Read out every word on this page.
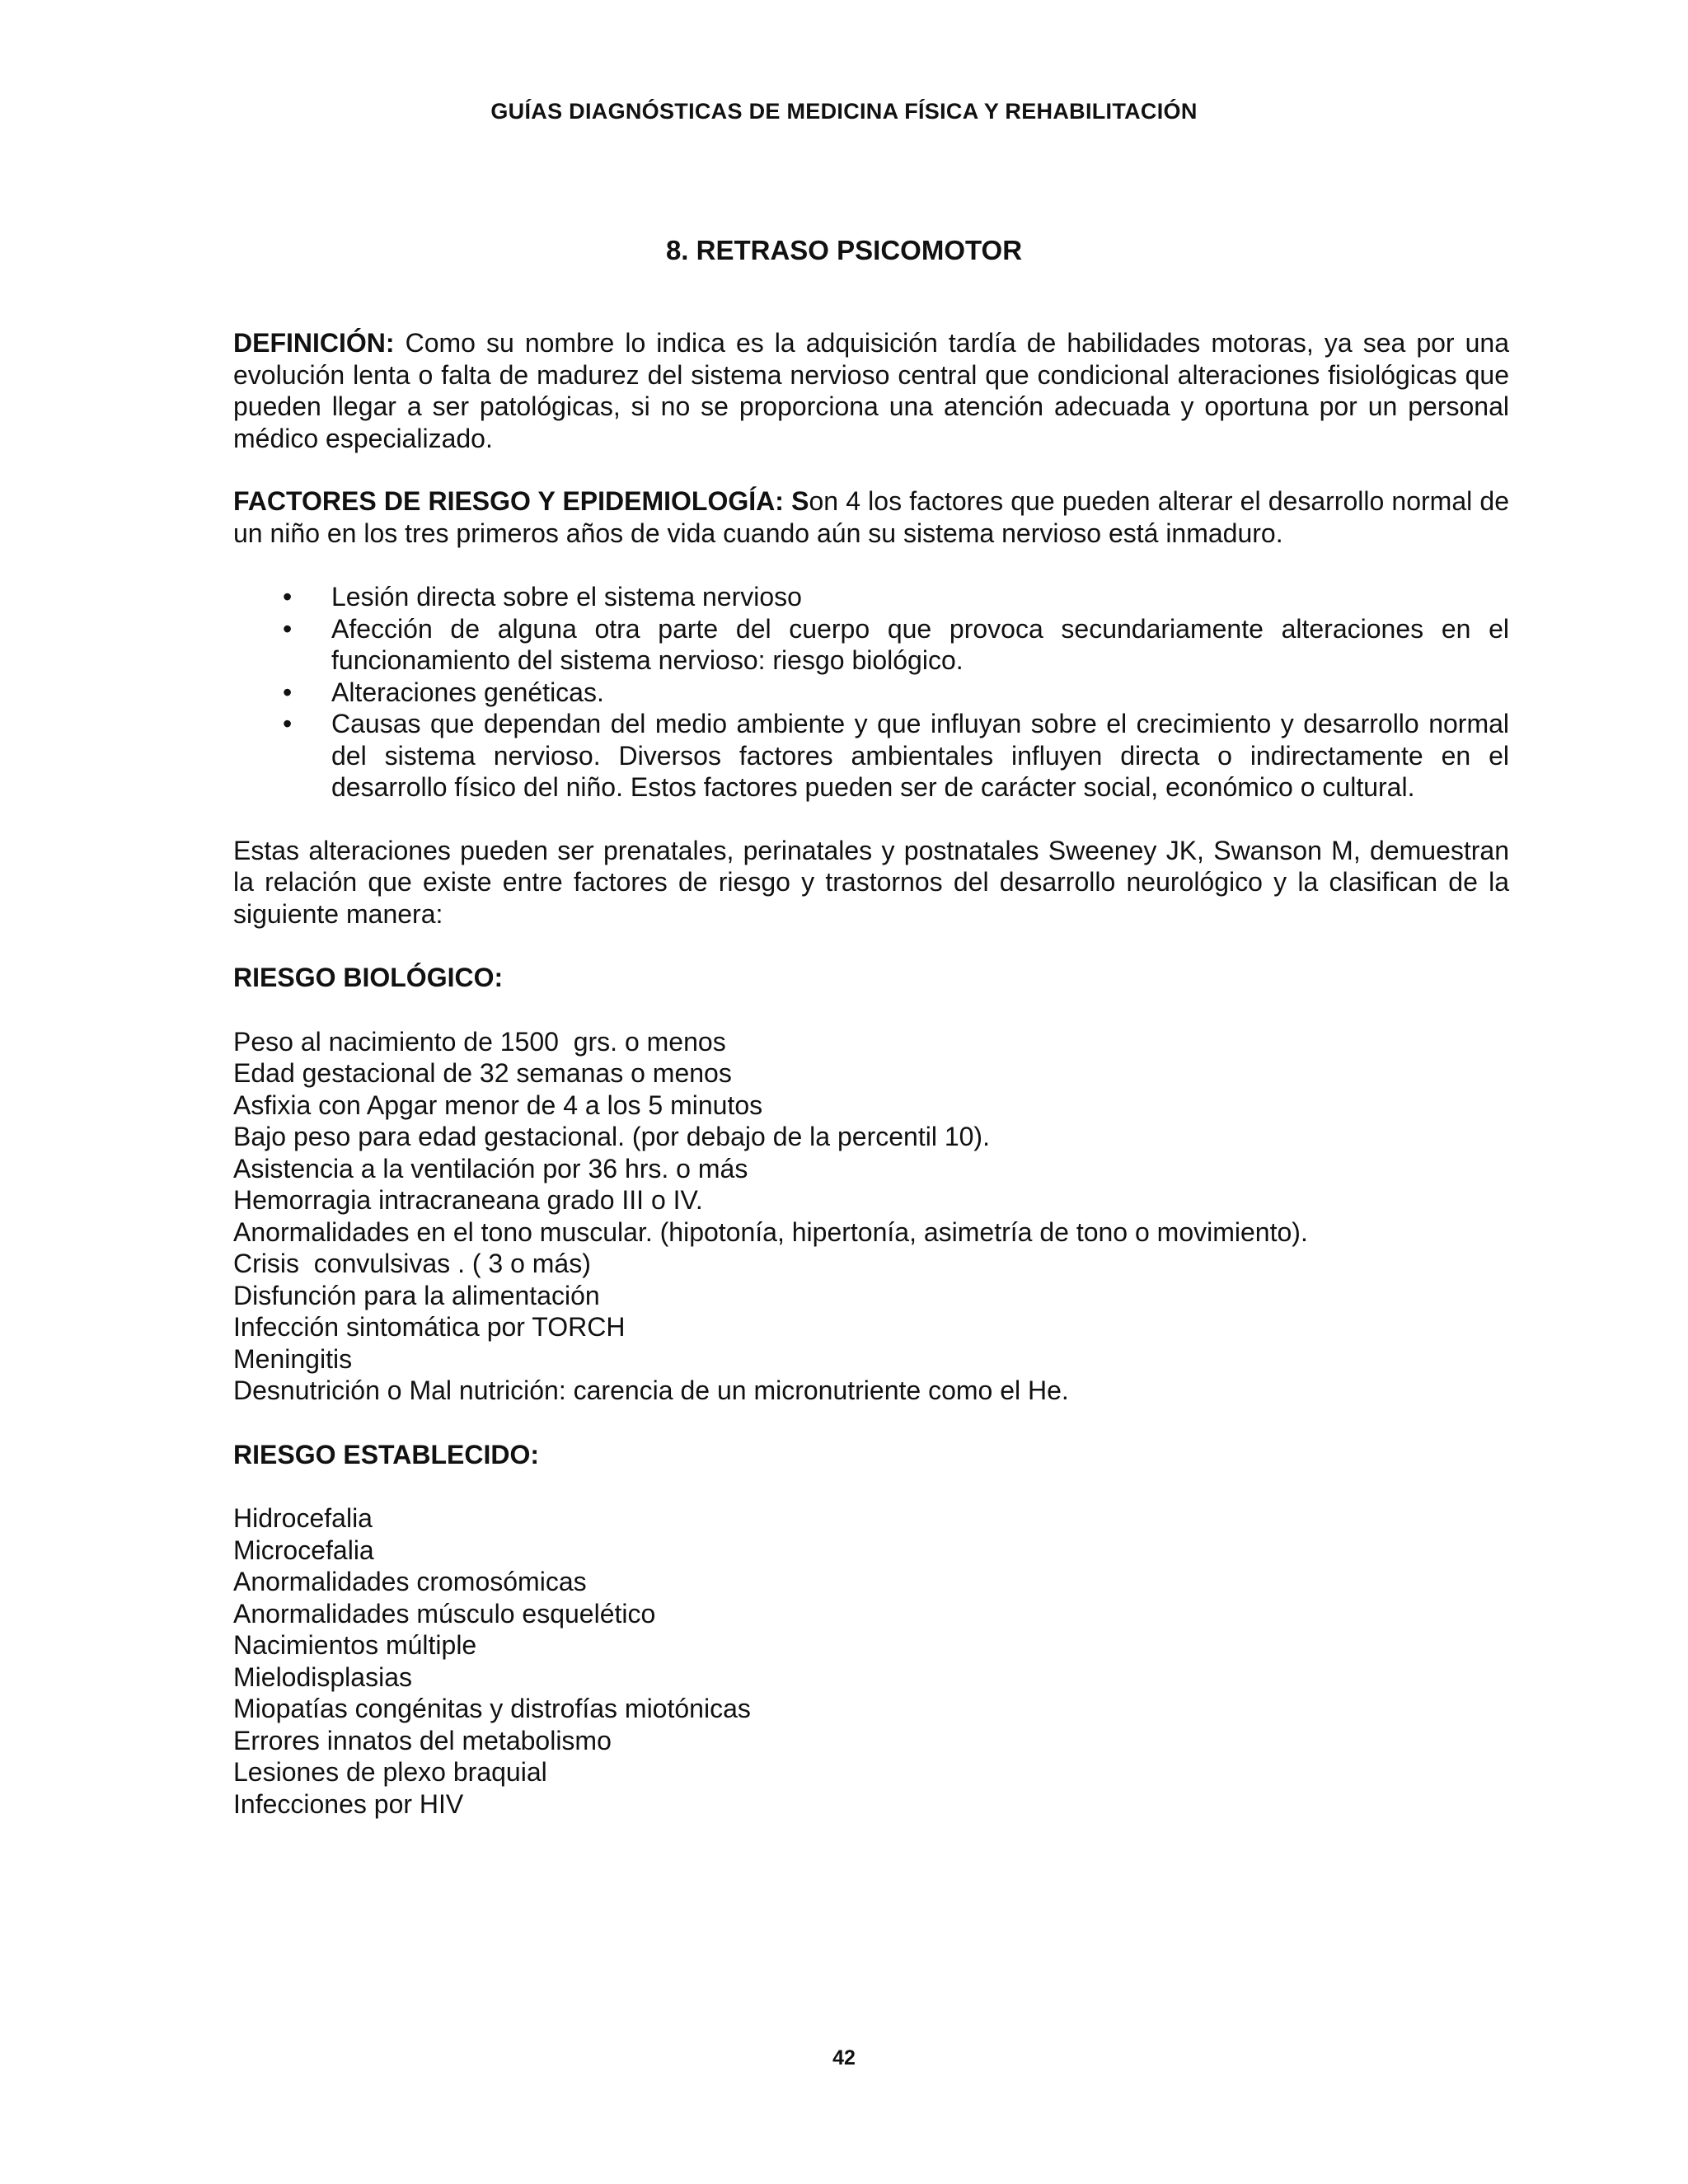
GUÍAS DIAGNÓSTICAS DE MEDICINA FÍSICA Y REHABILITACIÓN
8. RETRASO PSICOMOTOR

DEFINICIÓN: Como su nombre lo indica es la adquisición tardía de habilidades motoras, ya sea por una evolución lenta o falta de madurez del sistema nervioso central que condicional alteraciones fisiológicas que pueden llegar a ser patológicas, si no se proporciona una atención adecuada y oportuna por un personal médico especializado.

FACTORES DE RIESGO Y EPIDEMIOLOGÍA: Son 4 los factores que pueden alterar el desarrollo normal de un niño en los tres primeros años de vida cuando aún su sistema nervioso está inmaduro.

• Lesión directa sobre el sistema nervioso
• Afección de alguna otra parte del cuerpo que provoca secundariamente alteraciones en el funcionamiento del sistema nervioso: riesgo biológico.
• Alteraciones genéticas.
• Causas que dependan del medio ambiente y que influyan sobre el crecimiento y desarrollo normal del sistema nervioso. Diversos factores ambientales influyen directa o indirectamente en el desarrollo físico del niño. Estos factores pueden ser de carácter social, económico o cultural.

Estas alteraciones pueden ser prenatales, perinatales y postnatales Sweeney JK, Swanson M, demuestran la relación que existe entre factores de riesgo y trastornos del desarrollo neurológico y la clasifican de la siguiente manera:

RIESGO BIOLÓGICO:
Peso al nacimiento de 1500  grs. o menos
Edad gestacional de 32 semanas o menos
Asfixia con Apgar menor de 4 a los 5 minutos
Bajo peso para edad gestacional. (por debajo de la percentil 10).
Asistencia a la ventilación por 36 hrs. o más
Hemorragia intracraneana grado III o IV.
Anormalidades en el tono muscular. (hipotonía, hipertonía, asimetría de tono o movimiento).
Crisis  convulsivas . ( 3 o más)
Disfunción para la alimentación
Infección sintomática por TORCH
Meningitis
Desnutrición o Mal nutrición: carencia de un micronutriente como el He.
RIESGO ESTABLECIDO:
Hidrocefalia
Microcefalia
Anormalidades cromosómicas
Anormalidades músculo esquelético
Nacimientos múltiple
Mielodisplasias
Miopatías congénitas y distrofías miotónicas
Errores innatos del metabolismo
Lesiones de plexo braquial
Infecciones por HIV
42
